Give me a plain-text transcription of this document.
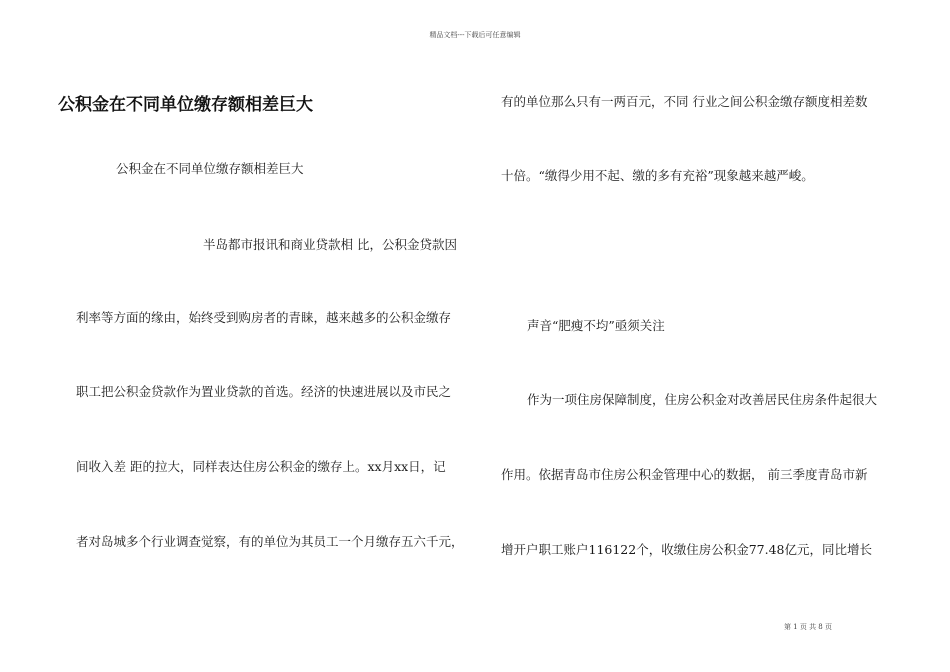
精品文档---下载后可任意编辑
公积金在不同单位缴存额相差巨大
公积金在不同单位缴存额相差巨大
半岛都市报讯和商业贷款相 比，公积金贷款因
利率等方面的缘由，始终受到购房者的青睐，越来越多的公积金缴存
职工把公积金贷款作为置业贷款的首选。经济的快速进展以及市民之
间收入差 距的拉大，同样表达住房公积金的缴存上。xx月xx日，记
者对岛城多个行业调查觉察，有的单位为其员工一个月缴存五六千元，
有的单位那么只有一两百元，不同 行业之间公积金缴存额度相差数
十倍。“缴得少用不起、缴的多有充裕”现象越来越严峻。
声音“肥瘦不均”亟须关注
作为一项住房保障制度，住房公积金对改善居民住房条件起很大
作用。依据青岛市住房公积金管理中心的数据， 前三季度青岛市新
增开户职工账户116122个，收缴住房公积金77.48亿元，同比增长
第 1 页 共 8 页
